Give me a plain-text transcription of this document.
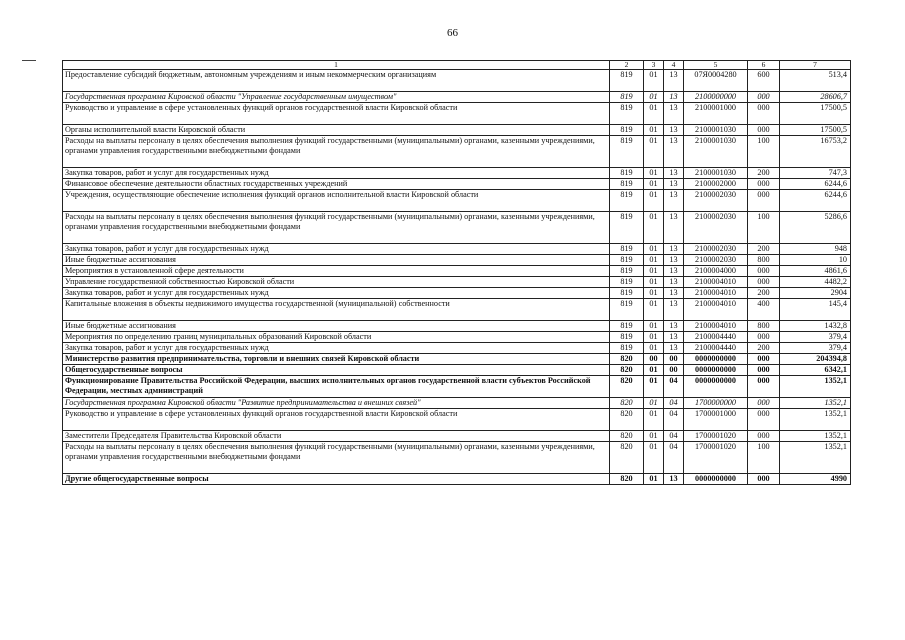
66
1	2	3	4	5	6	7
Предоставление субсидий бюджетным, автономным учреждениям и иным некоммерческим организациям	819	01	13	07Я0004280	600	513,4
Государственная программа Кировской области "Управление государственным имуществом"	819	01	13	2100000000	000	28606,7
Руководство и управление в сфере установленных функций органов государственной власти Кировской области	819	01	13	2100001000	000	17500,5
Органы исполнительной власти Кировской области	819	01	13	2100001030	000	17500,5
Расходы на выплаты персоналу в целях обеспечения выполнения функций государственными (муниципальными) органами, казенными учреждениями, органами управления государственными внебюджетными фондами	819	01	13	2100001030	100	16753,2
Закупка товаров, работ и услуг для государственных нужд	819	01	13	2100001030	200	747,3
Финансовое обеспечение деятельности областных государственных учреждений	819	01	13	2100002000	000	6244,6
Учреждения, осуществляющие обеспечение исполнения функций органов исполнительной власти Кировской области	819	01	13	2100002030	000	6244,6
Расходы на выплаты персоналу в целях обеспечения выполнения функций государственными (муниципальными) органами, казенными учреждениями, органами управления государственными внебюджетными фондами	819	01	13	2100002030	100	5286,6
Закупка товаров, работ и услуг для государственных нужд	819	01	13	2100002030	200	948
Иные бюджетные ассигнования	819	01	13	2100002030	800	10
Мероприятия в установленной сфере деятельности	819	01	13	2100004000	000	4861,6
Управление государственной собственностью Кировской области	819	01	13	2100004010	000	4482,2
Закупка товаров, работ и услуг для государственных нужд	819	01	13	2100004010	200	2904
Капитальные вложения в объекты недвижимого имущества государственной (муниципальной) собственности	819	01	13	2100004010	400	145,4
Иные бюджетные ассигнования	819	01	13	2100004010	800	1432,8
Мероприятия по определению границ муниципальных образований Кировской области	819	01	13	2100004440	000	379,4
Закупка товаров, работ и услуг для государственных нужд	819	01	13	2100004440	200	379,4
Министерство развития предпринимательства, торговли и внешних связей Кировской области	820	00	00	0000000000	000	204394,8
Общегосударственные вопросы	820	01	00	0000000000	000	6342,1
Функционирование Правительства Российской Федерации, высших исполнительных органов государственной власти субъектов Российской Федерации, местных администраций	820	01	04	0000000000	000	1352,1
Государственная программа Кировской области "Развитие предпринимательства и внешних связей"	820	01	04	1700000000	000	1352,1
Руководство и управление в сфере установленных функций органов государственной власти Кировской области	820	01	04	1700001000	000	1352,1
Заместители Председателя Правительства Кировской области	820	01	04	1700001020	000	1352,1
Расходы на выплаты персоналу в целях обеспечения выполнения функций государственными (муниципальными) органами, казенными учреждениями, органами управления государственными внебюджетными фондами	820	01	04	1700001020	100	1352,1
Другие общегосударственные вопросы	820	01	13	0000000000	000	4990
